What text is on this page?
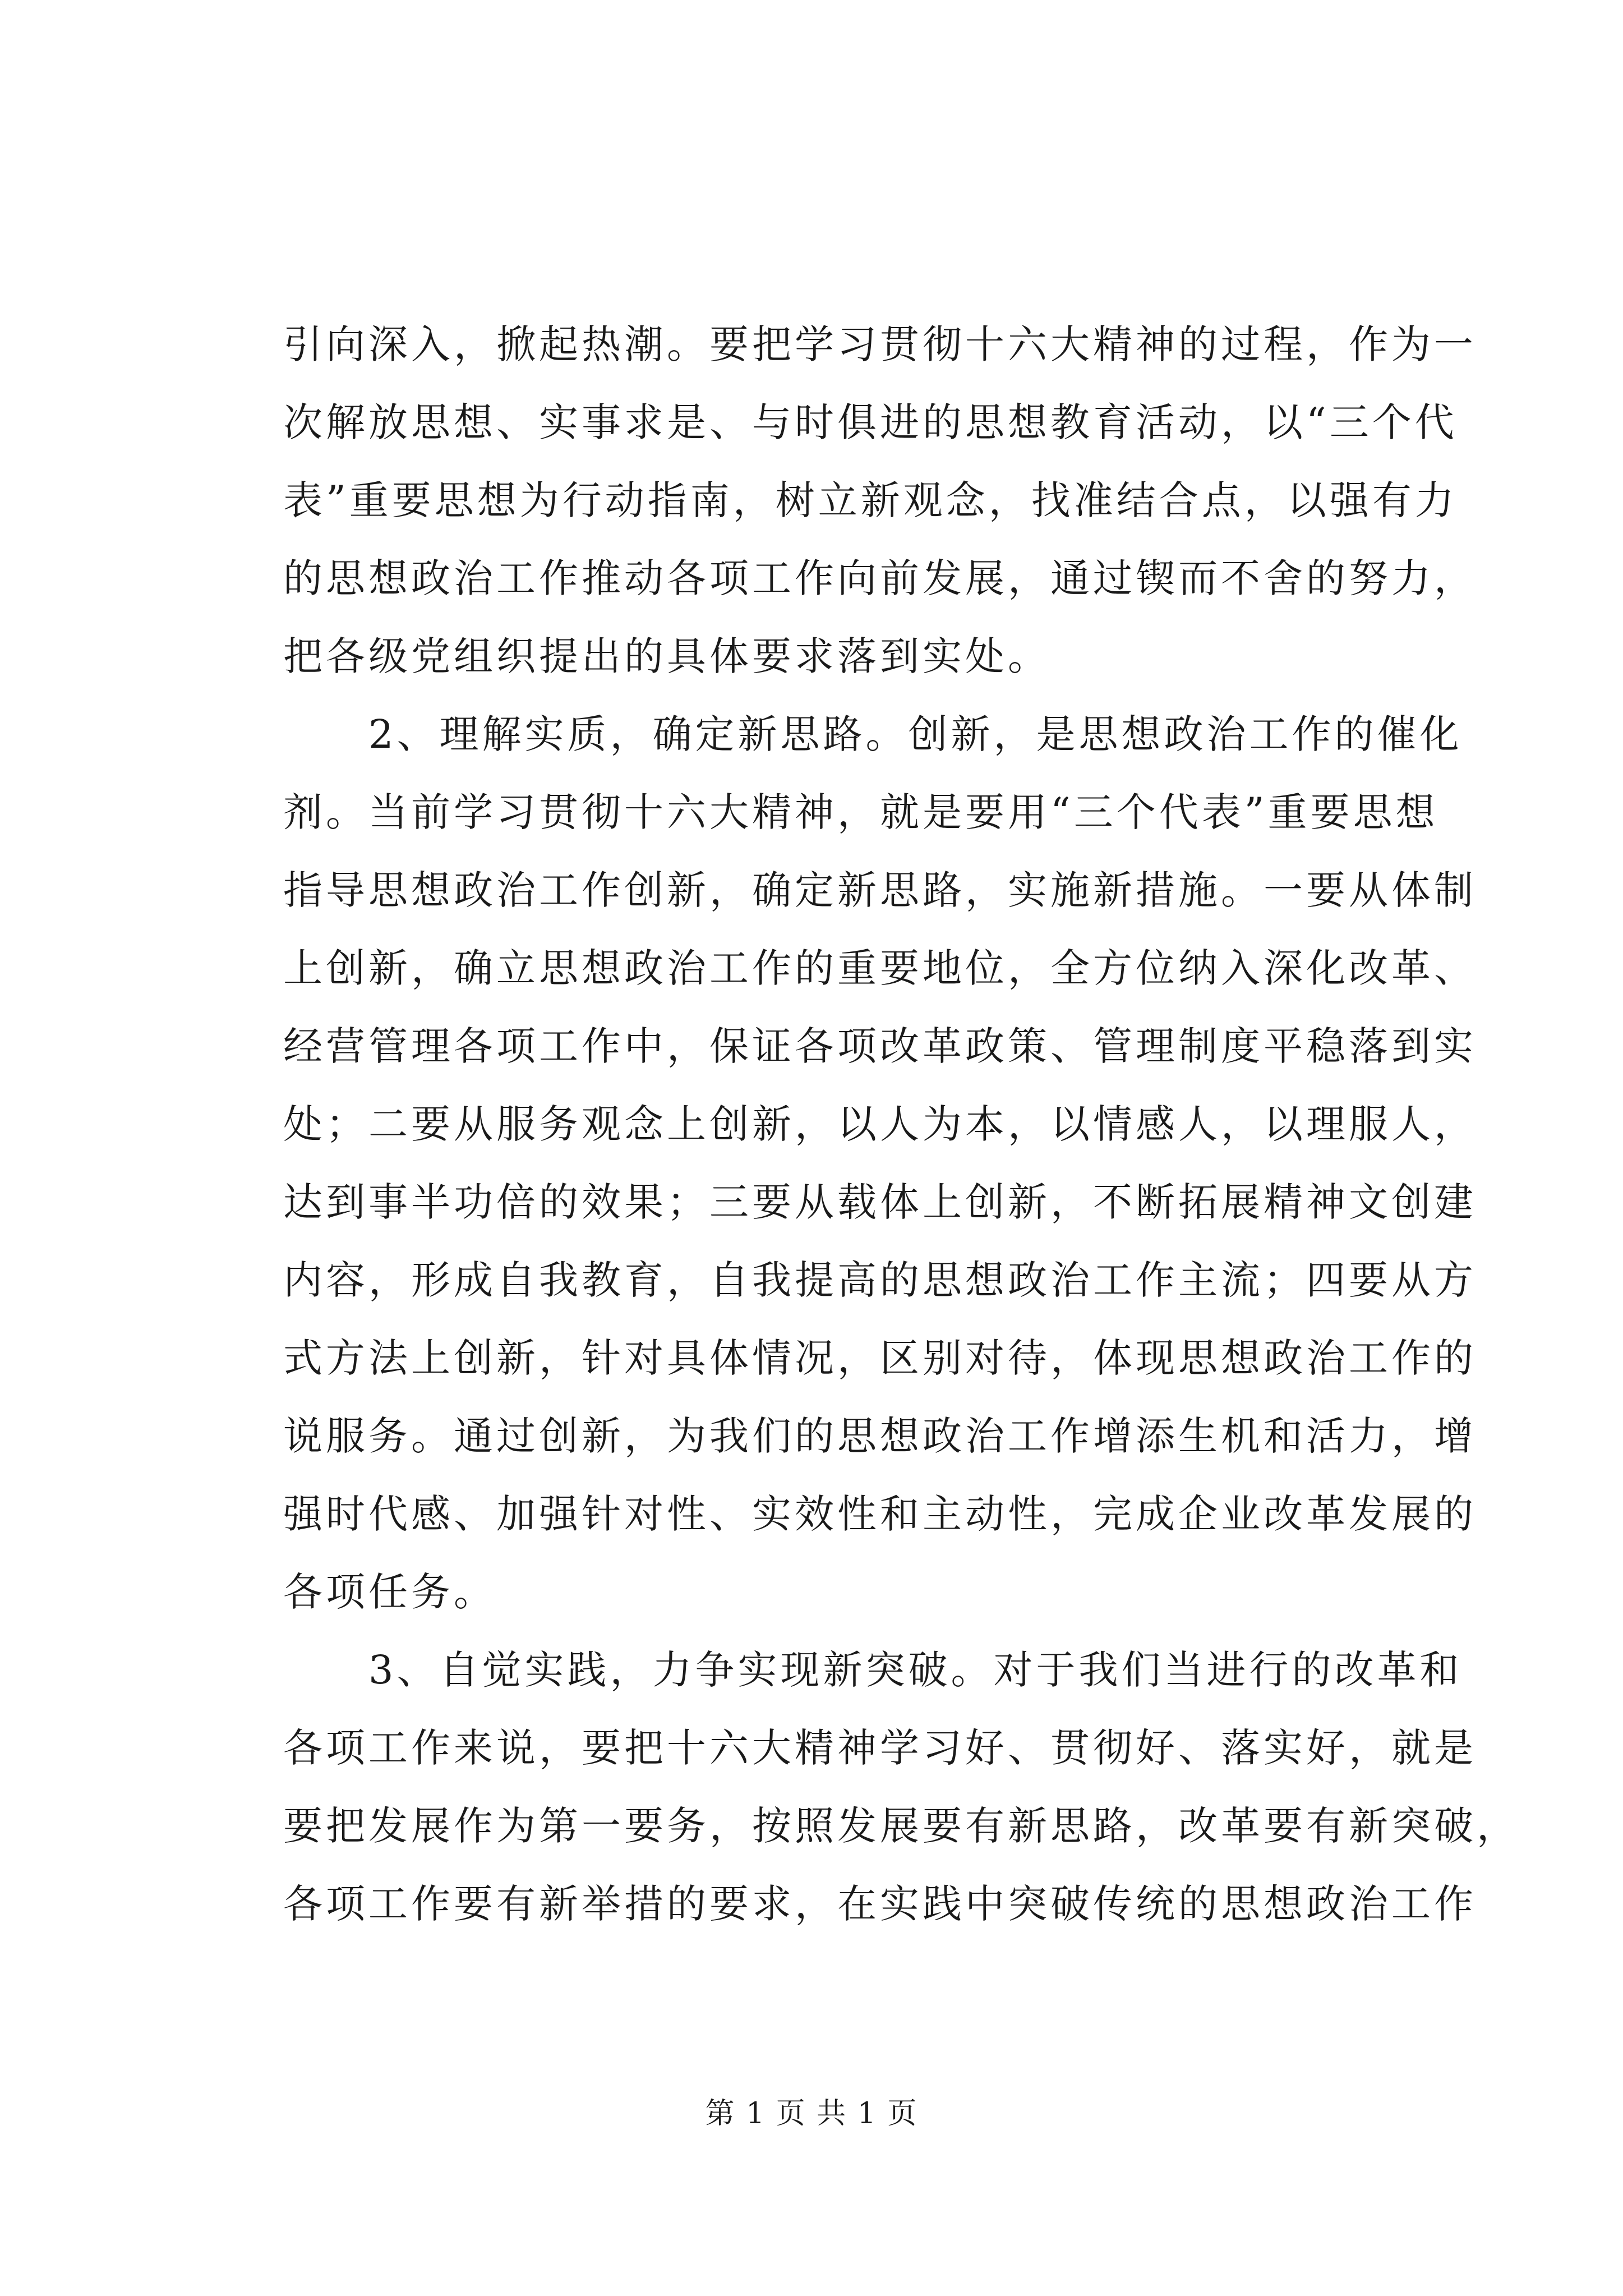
引向深入，掀起热潮。要把学习贯彻十六大精神的过程，作为一
次解放思想、实事求是、与时俱进的思想教育活动，以“三个代
表”重要思想为行动指南，树立新观念，找准结合点，以强有力
的思想政治工作推动各项工作向前发展，通过锲而不舍的努力，
把各级党组织提出的具体要求落到实处。
　　2、理解实质，确定新思路。创新，是思想政治工作的催化
剂。当前学习贯彻十六大精神，就是要用“三个代表”重要思想
指导思想政治工作创新，确定新思路，实施新措施。一要从体制
上创新，确立思想政治工作的重要地位，全方位纳入深化改革、
经营管理各项工作中，保证各项改革政策、管理制度平稳落到实
处；二要从服务观念上创新，以人为本，以情感人，以理服人，
达到事半功倍的效果；三要从载体上创新，不断拓展精神文创建
内容，形成自我教育，自我提高的思想政治工作主流；四要从方
式方法上创新，针对具体情况，区别对待，体现思想政治工作的
说服务。通过创新，为我们的思想政治工作增添生机和活力，增
强时代感、加强针对性、实效性和主动性，完成企业改革发展的
各项任务。
　　3、自觉实践，力争实现新突破。对于我们当进行的改革和
各项工作来说，要把十六大精神学习好、贯彻好、落实好，就是
要把发展作为第一要务，按照发展要有新思路，改革要有新突破，
各项工作要有新举措的要求，在实践中突破传统的思想政治工作
第 1 页 共 1 页
